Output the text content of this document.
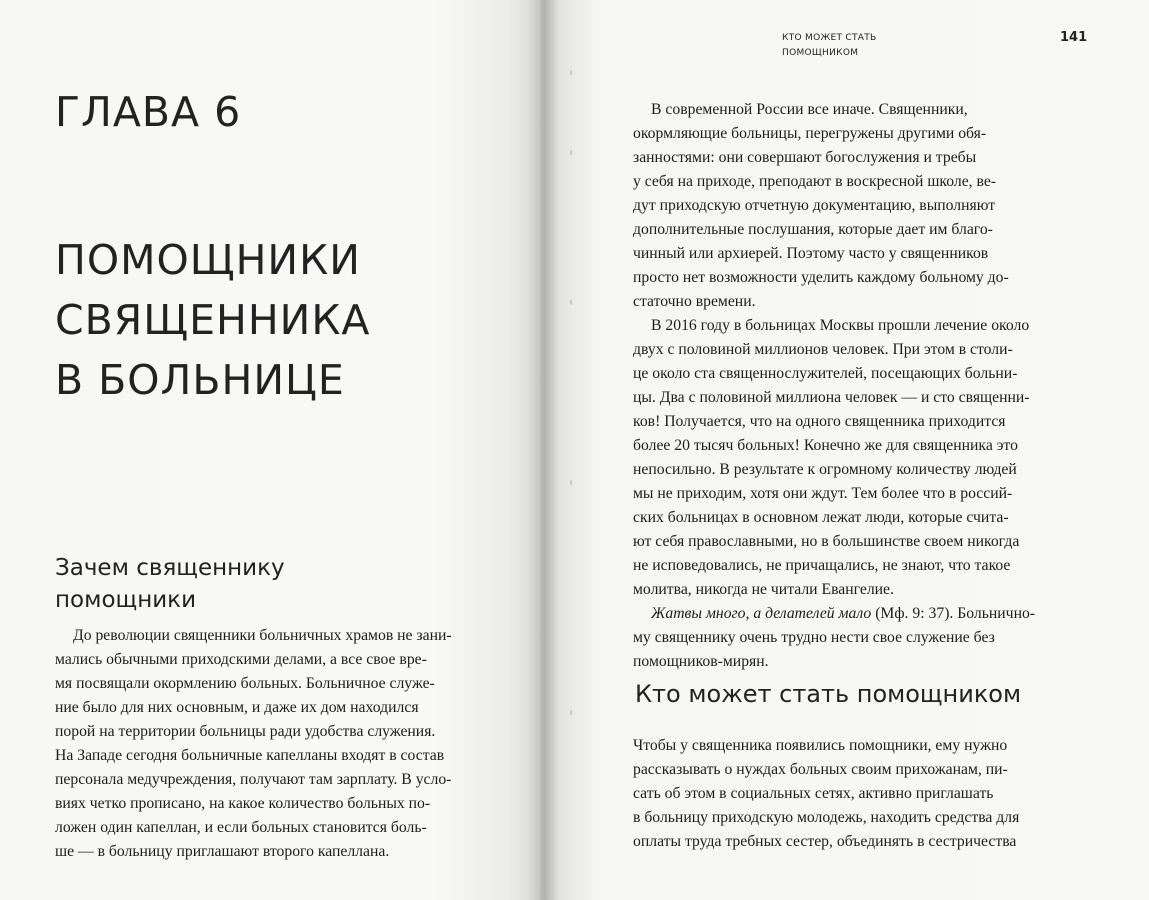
ГЛАВА 6
ПОМОЩНИКИ
СВЯЩЕННИКА
В БОЛЬНИЦЕ
Зачем священнику
помощники

До революции священники больничных храмов не зани-
мались обычными приходскими делами, а все свое вре-
мя посвящали окормлению больных. Больничное служе-
ние было для них основным, и даже их дом находился
порой на территории больницы ради удобства служения.
На Западе сегодня больничные капелланы входят в состав
персонала медучреждения, получают там зарплату. В усло-
виях четко прописано, на какое количество больных по-
ложен один капеллан, и если больных становится боль-
ше — в больницу приглашают второго капеллана.

КТО МОЖЕТ СТАТЬ
ПОМОЩНИКОМ
141

В современной России все иначе. Священники,
окормляющие больницы, перегружены другими обя-
занностями: они совершают богослужения и требы
у себя на приходе, преподают в воскресной школе, ве-
дут приходскую отчетную документацию, выполняют
дополнительные послушания, которые дает им благо-
чинный или архиерей. Поэтому часто у священников
просто нет возможности уделить каждому больному до-
статочно времени.
В 2016 году в больницах Москвы прошли лечение около
двух с половиной миллионов человек. При этом в столи-
це около ста священнослужителей, посещающих больни-
цы. Два с половиной миллиона человек — и сто священни-
ков! Получается, что на одного священника приходится
более 20 тысяч больных! Конечно же для священника это
непосильно. В результате к огромному количеству людей
мы не приходим, хотя они ждут. Тем более что в россий-
ских больницах в основном лежат люди, которые счита-
ют себя православными, но в большинстве своем никогда
не исповедовались, не причащались, не знают, что такое
молитва, никогда не читали Евангелие.
Жатвы много, а делателей мало (Мф. 9: 37). Больнично-
му священнику очень трудно нести свое служение без
помощников-мирян.

Кто может стать помощником

Чтобы у священника появились помощники, ему нужно
рассказывать о нуждах больных своим прихожанам, пи-
сать об этом в социальных сетях, активно приглашать
в больницу приходскую молодежь, находить средства для
оплаты труда требных сестер, объединять в сестричества
